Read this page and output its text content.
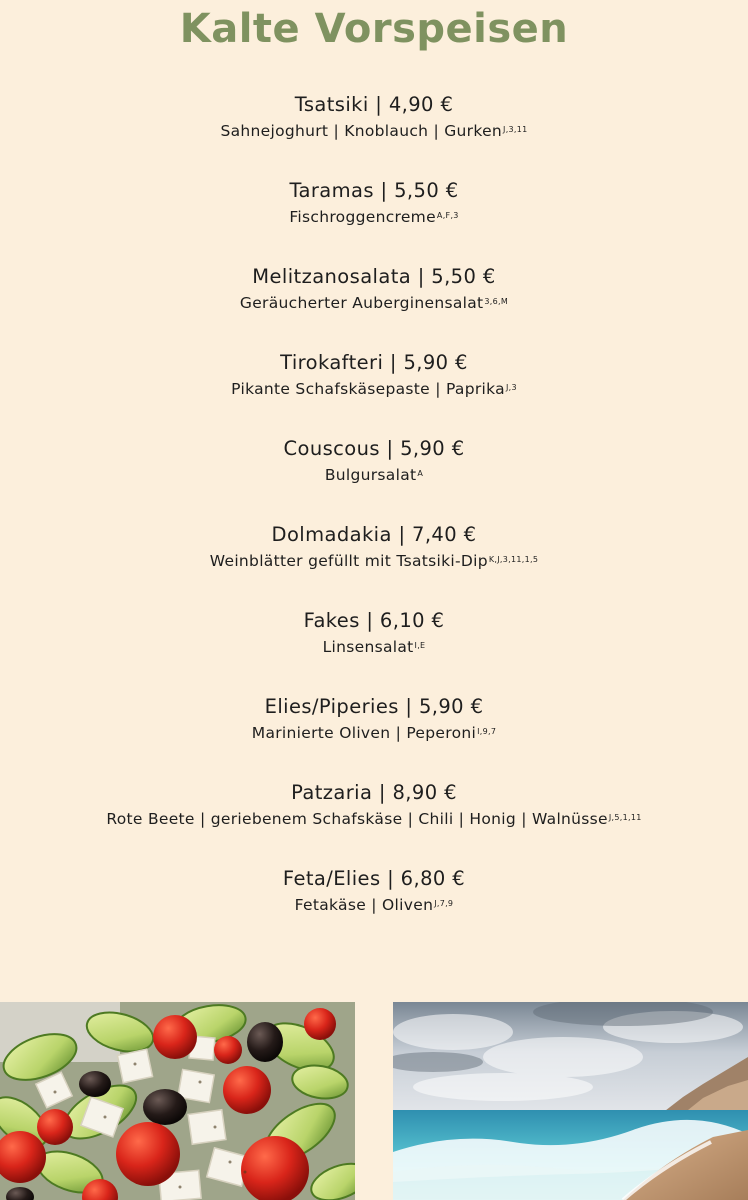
Kalte Vorspeisen
Tsatsiki | 4,90 €
Sahnejoghurt | Knoblauch | Gurken$^{J,3,11}$
Taramas | 5,50 €
Fischroggencreme$^{A,F,3}$
Melitzanosalata | 5,50 €
Geräucherter Auberginensalat$^{3,6,M}$
Tirokafteri | 5,90 €
Pikante Schafskäsepaste | Paprika$^{J,3}$
Couscous | 5,90 €
Bulgursalat$^A$
Dolmadakia | 7,40 €
Weinblätter gefüllt mit Tsatsiki-Dip$^{K,J,3,11,1,5}$
Fakes | 6,10 €
Linsensalat$^{I,E}$
Elies/Piperies | 5,90 €
Marinierte Oliven | Peperoni$^{I,9,7}$
Patzaria | 8,90 €
Rote Beete | geriebenem Schafskäse | Chili | Honig | Walnüsse$^{J,5,1,11}$
Feta/Elies | 6,80 €
Fetakäse | Oliven$^{J,7,9}$
